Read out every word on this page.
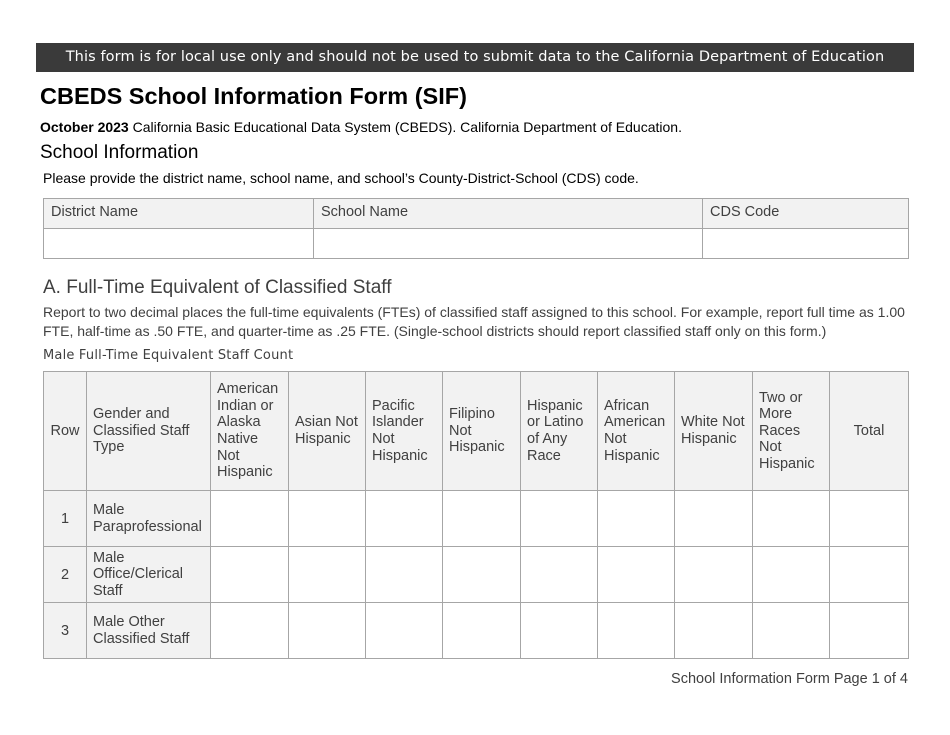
This form is for local use only and should not be used to submit data to the California Department of Education
CBEDS School Information Form (SIF)
October 2023 California Basic Educational Data System (CBEDS). California Department of Education.
School Information
Please provide the district name, school name, and school’s County-District-School (CDS) code.
District Name	School Name	CDS Code

A. Full-Time Equivalent of Classified Staff
Report to two decimal places the full-time equivalents (FTEs) of classified staff assigned to this school. For example, report full time as 1.00 FTE, half-time as .50 FTE, and quarter-time as .25 FTE. (Single-school districts should report classified staff only on this form.)
Male Full-Time Equivalent Staff Count
Row	Gender and Classified Staff Type	American Indian or Alaska Native Not Hispanic	Asian Not Hispanic	Pacific Islander Not Hispanic	Filipino Not Hispanic	Hispanic or Latino of Any Race	African American Not Hispanic	White Not Hispanic	Two or More Races Not Hispanic	Total
1	Male Paraprofessional									
2	Male Office/Clerical Staff									
3	Male Other Classified Staff									
School Information Form Page 1 of 4
